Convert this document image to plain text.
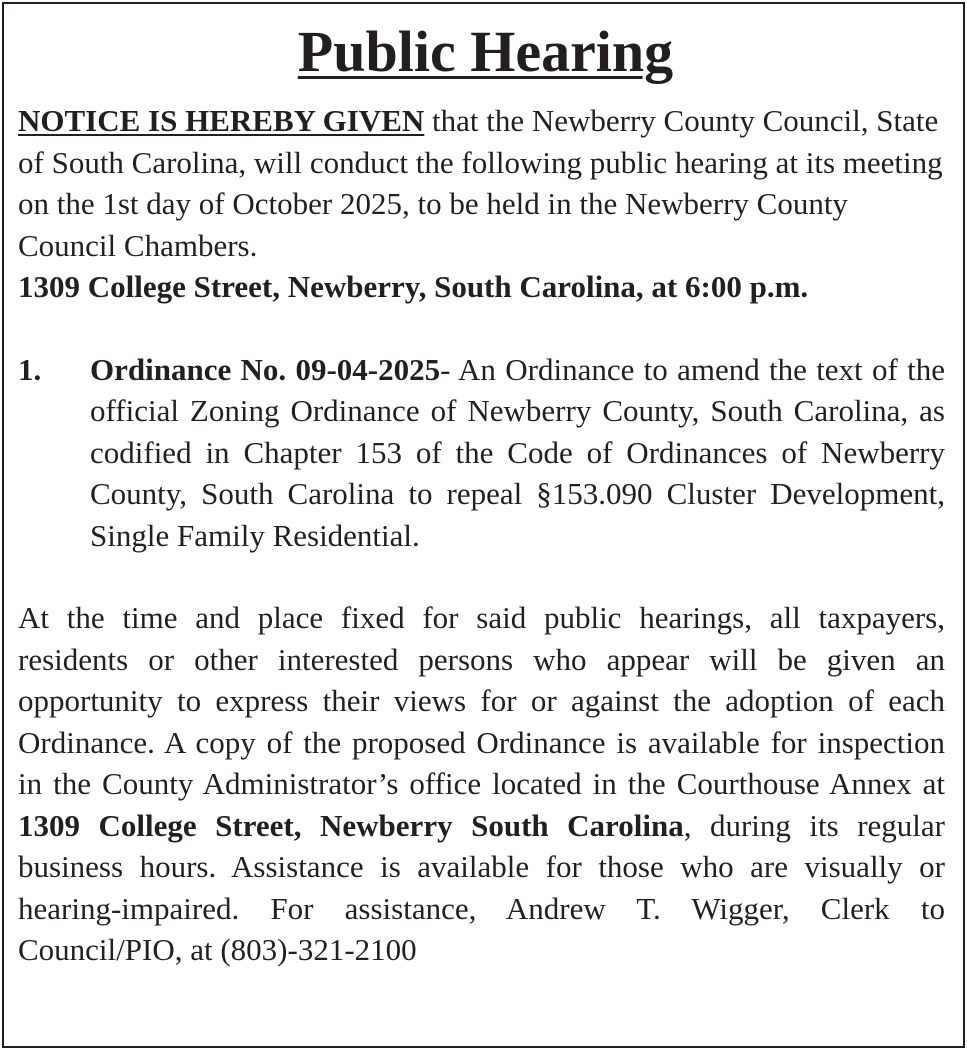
Public Hearing

NOTICE IS HEREBY GIVEN that the Newberry County Council, State of South Carolina, will conduct the following public hearing at its meeting on the 1st day of October 2025, to be held in the Newberry County Council Chambers.

1309 College Street, Newberry, South Carolina, at 6:00 p.m.

1.	Ordinance No. 09-04-2025- An Ordinance to amend the text of the official Zoning Ordinance of Newberry County, South Carolina, as codified in Chapter 153 of the Code of Ordinances of Newberry County, South Carolina to repeal §153.090 Cluster Development, Single Family Residential.

At the time and place fixed for said public hearings, all taxpayers, residents or other interested persons who appear will be given an opportunity to express their views for or against the adoption of each Ordinance. A copy of the proposed Ordinance is available for inspection in the County Administrator’s office located in the Courthouse Annex at 1309 College Street, Newberry South Carolina, during its regular business hours. Assistance is available for those who are visually or hearing-impaired. For assistance, Andrew T. Wigger, Clerk to Council/PIO, at (803)-321-2100
